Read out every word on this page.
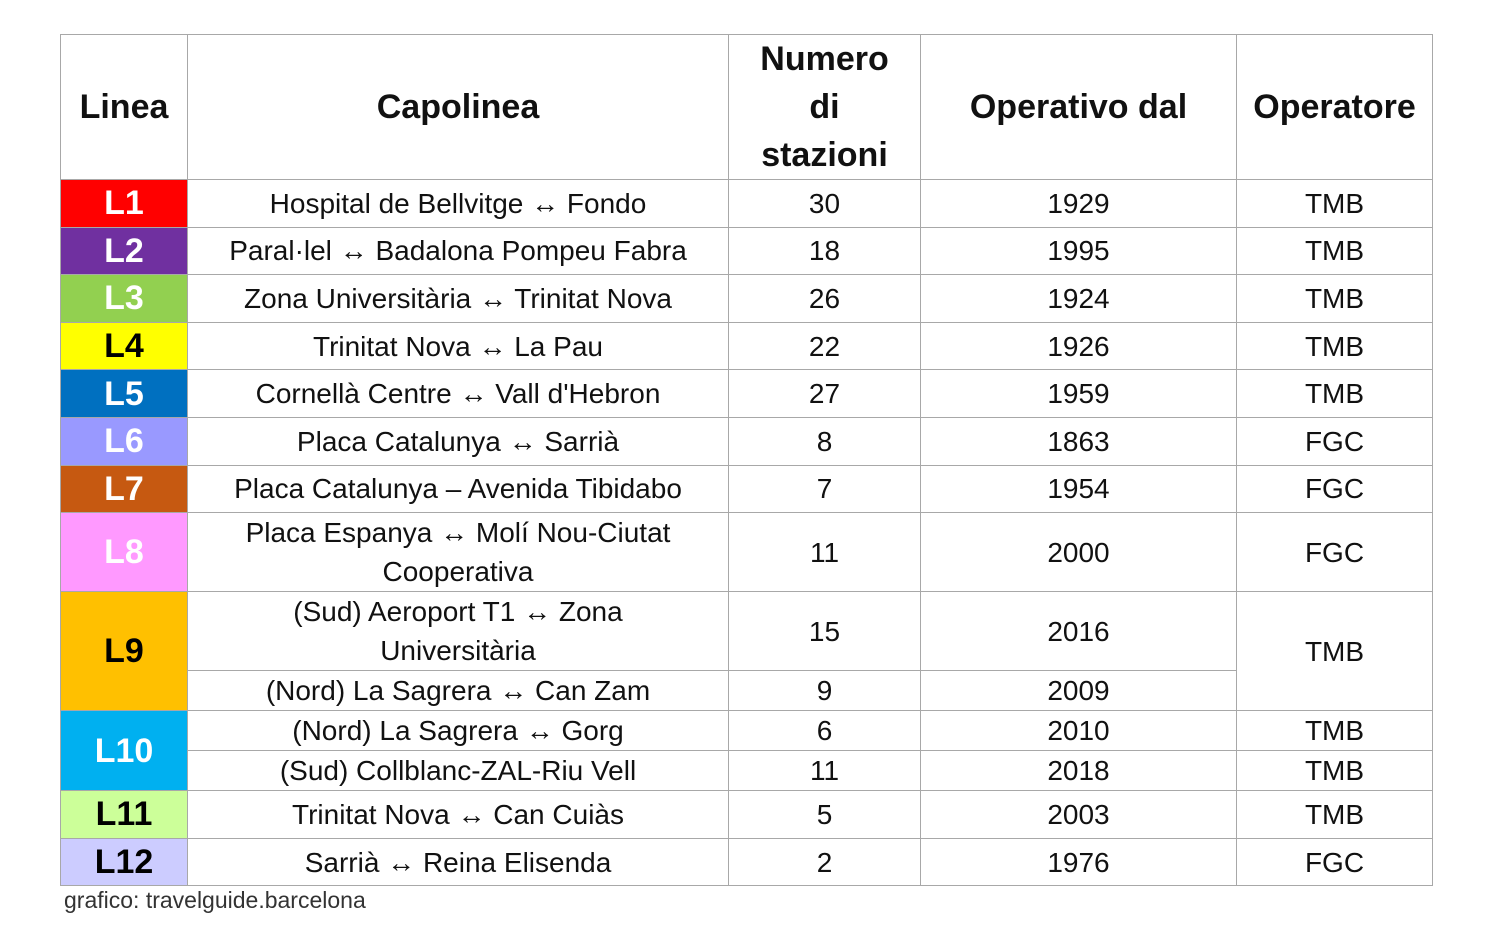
Linea	Capolinea	Numero di stazioni	Operativo dal	Operatore
L1	Hospital de Bellvitge ↔ Fondo	30	1929	TMB
L2	Paral·lel ↔ Badalona Pompeu Fabra	18	1995	TMB
L3	Zona Universitària ↔ Trinitat Nova	26	1924	TMB
L4	Trinitat Nova ↔ La Pau	22	1926	TMB
L5	Cornellà Centre ↔ Vall d'Hebron	27	1959	TMB
L6	Placa Catalunya ↔ Sarrià	8	1863	FGC
L7	Placa Catalunya – Avenida Tibidabo	7	1954	FGC
L8	Placa Espanya ↔ Molí Nou-Ciutat Cooperativa	11	2000	FGC
L9	(Sud) Aeroport T1 ↔ Zona Universitària	15	2016	TMB
	(Nord) La Sagrera ↔ Can Zam	9	2009	
L10	(Nord) La Sagrera ↔ Gorg	6	2010	TMB
	(Sud) Collblanc-ZAL-Riu Vell	11	2018	TMB
L11	Trinitat Nova ↔ Can Cuiàs	5	2003	TMB
L12	Sarrià ↔ Reina Elisenda	2	1976	FGC
grafico: travelguide.barcelona
